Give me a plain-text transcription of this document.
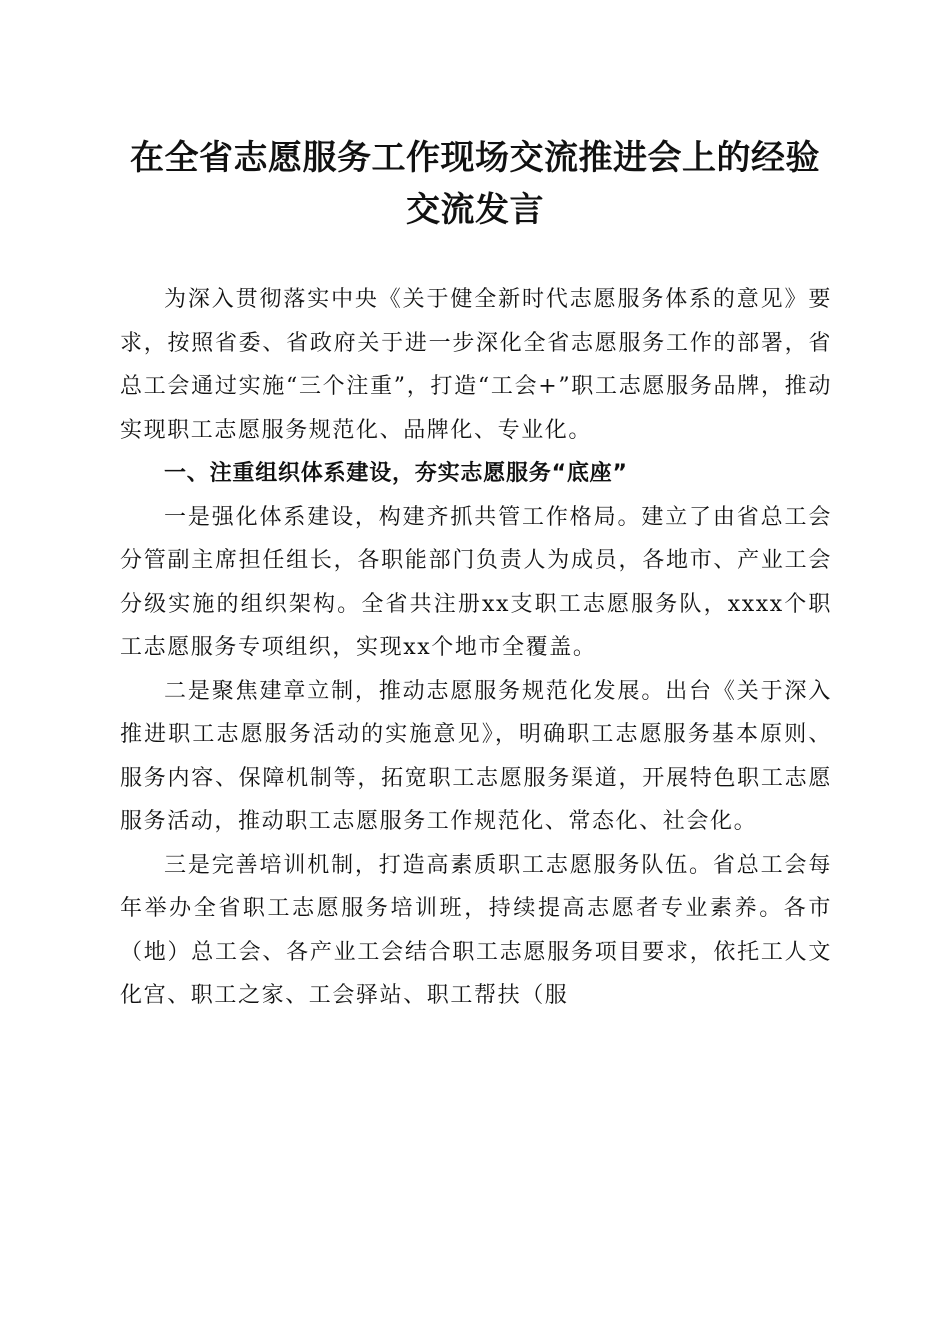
在全省志愿服务工作现场交流推进会上的经验
交流发言

为深入贯彻落实中央《关于健全新时代志愿服务体系的意见》要求，按照省委、省政府关于进一步深化全省志愿服务工作的部署，省总工会通过实施“三个注重”，打造“工会+”职工志愿服务品牌，推动实现职工志愿服务规范化、品牌化、专业化。

一、注重组织体系建设，夯实志愿服务“底座”

一是强化体系建设，构建齐抓共管工作格局。建立了由省总工会分管副主席担任组长，各职能部门负责人为成员，各地市、产业工会分级实施的组织架构。全省共注册xx支职工志愿服务队，xxxx个职工志愿服务专项组织，实现xx个地市全覆盖。

二是聚焦建章立制，推动志愿服务规范化发展。出台《关于深入推进职工志愿服务活动的实施意见》，明确职工志愿服务基本原则、服务内容、保障机制等，拓宽职工志愿服务渠道，开展特色职工志愿服务活动，推动职工志愿服务工作规范化、常态化、社会化。

三是完善培训机制，打造高素质职工志愿服务队伍。省总工会每年举办全省职工志愿服务培训班，持续提高志愿者专业素养。各市（地）总工会、各产业工会结合职工志愿服务项目要求，依托工人文化宫、职工之家、工会驿站、职工帮扶（服
